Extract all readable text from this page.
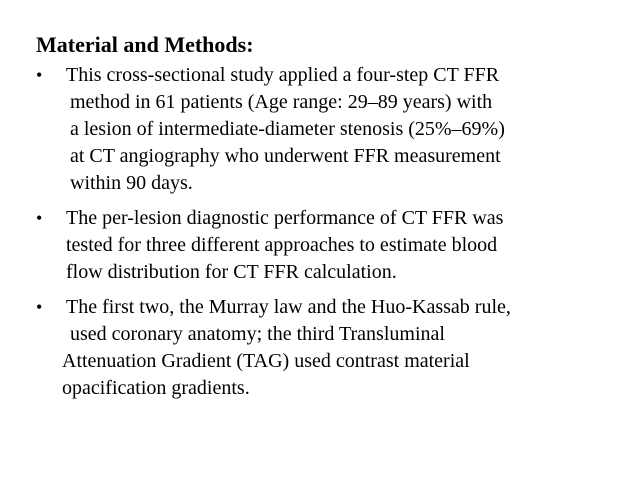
Material and Methods:
• This cross-sectional study applied a four-step CT FFR
method in 61 patients (Age range: 29–89 years) with
a lesion of intermediate-diameter stenosis (25%–69%)
at CT angiography who underwent FFR measurement
within 90 days.
• The per-lesion diagnostic performance of CT FFR was
tested for three different approaches to estimate blood
flow distribution for CT FFR calculation.
• The first two, the Murray law and the Huo-Kassab rule,
used coronary anatomy; the third Transluminal
Attenuation Gradient (TAG) used contrast material
opacification gradients.
